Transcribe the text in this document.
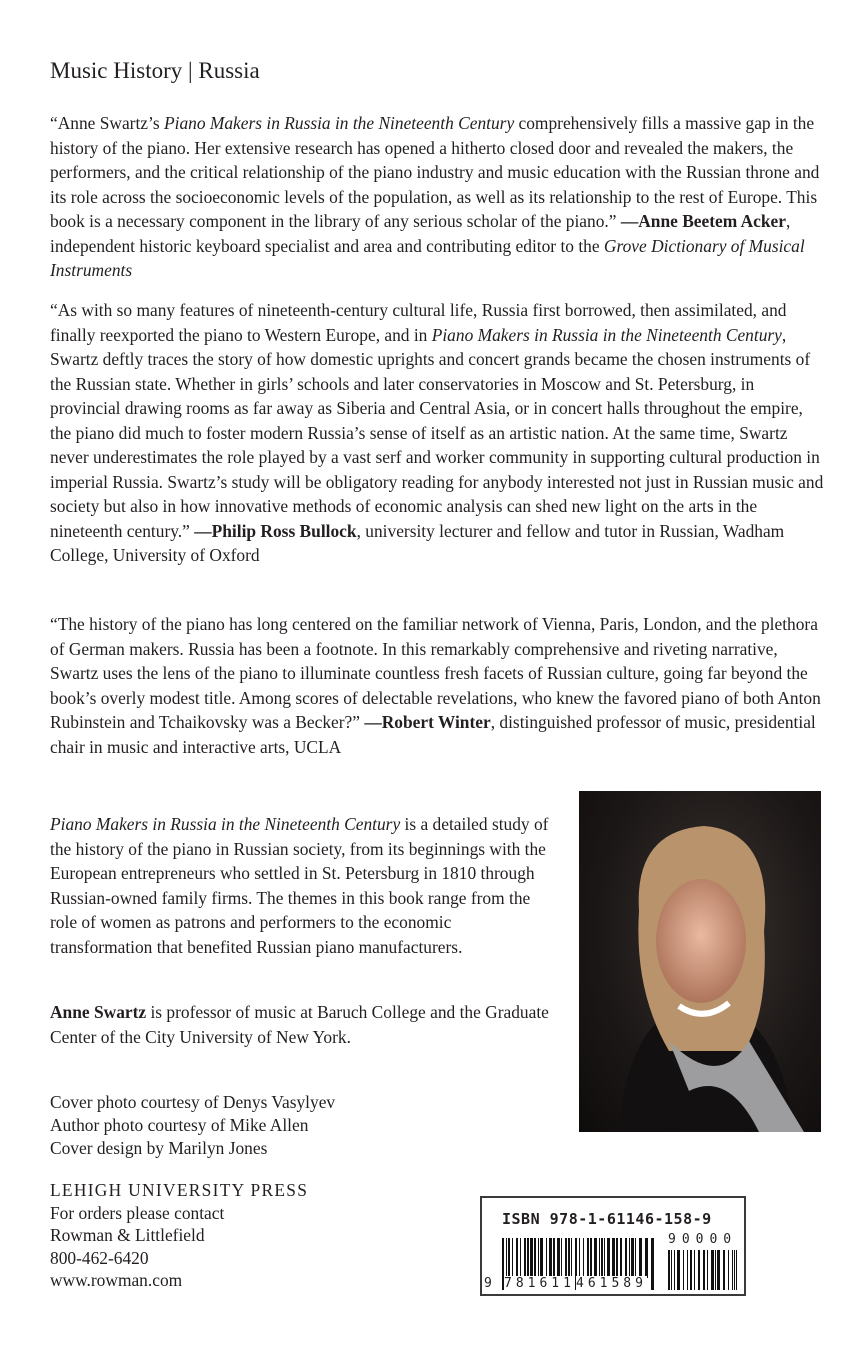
Music History | Russia

“Anne Swartz’s Piano Makers in Russia in the Nineteenth Century comprehensively fills a massive gap in the history of the piano. Her extensive research has opened a hitherto closed door and revealed the makers, the performers, and the critical relationship of the piano industry and music education with the Russian throne and its role across the socioeconomic levels of the population, as well as its relationship to the rest of Europe. This book is a necessary component in the library of any serious scholar of the piano.” —Anne Beetem Acker, independent historic keyboard specialist and area and contributing editor to the Grove Dictionary of Musical Instruments

“As with so many features of nineteenth-century cultural life, Russia first borrowed, then assimilated, and finally reexported the piano to Western Europe, and in Piano Makers in Russia in the Nineteenth Century, Swartz deftly traces the story of how domestic uprights and concert grands became the chosen instruments of the Russian state. Whether in girls’ schools and later conservatories in Moscow and St. Petersburg, in provincial drawing rooms as far away as Siberia and Central Asia, or in concert halls throughout the empire, the piano did much to foster modern Russia’s sense of itself as an artistic nation. At the same time, Swartz never underestimates the role played by a vast serf and worker community in supporting cultural production in imperial Russia. Swartz’s study will be obligatory reading for anybody interested not just in Russian music and society but also in how innovative methods of economic analysis can shed new light on the arts in the nineteenth century.” —Philip Ross Bullock, university lecturer and fellow and tutor in Russian, Wadham College, University of Oxford

“The history of the piano has long centered on the familiar network of Vienna, Paris, London, and the plethora of German makers. Russia has been a footnote. In this remarkably comprehensive and riveting narrative, Swartz uses the lens of the piano to illuminate countless fresh facets of Russian culture, going far beyond the book’s overly modest title. Among scores of delectable revelations, who knew the favored piano of both Anton Rubinstein and Tchaikovsky was a Becker?” —Robert Winter, distinguished professor of music, presidential chair in music and interactive arts, UCLA

Piano Makers in Russia in the Nineteenth Century is a detailed study of the history of the piano in Russian society, from its beginnings with the European entrepreneurs who settled in St. Petersburg in 1810 through Russian-owned family firms. The themes in this book range from the role of women as patrons and performers to the economic transformation that benefited Russian piano manufacturers.
Anne Swartz is professor of music at Baruch College and the Graduate Center of the City University of New York.
Cover photo courtesy of Denys Vasylyev
Author photo courtesy of Mike Allen
Cover design by Marilyn Jones
LEHIGH UNIVERSITY PRESS
For orders please contact
Rowman & Littlefield
800-462-6420
www.rowman.com
ISBN 978-1-61146-158-9
9 781611 461589
90000
